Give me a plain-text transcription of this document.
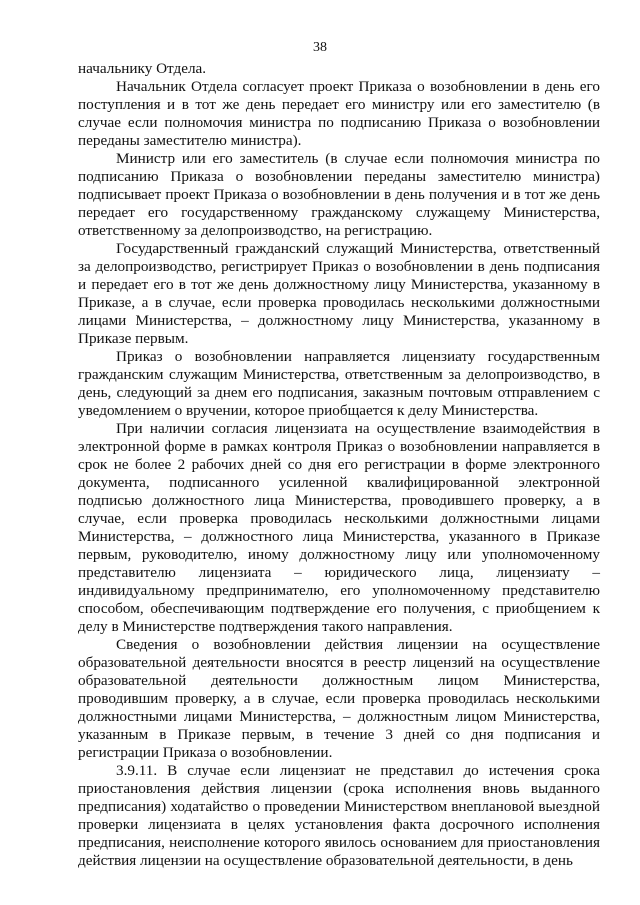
38

начальнику Отдела.

Начальник Отдела согласует проект Приказа о возобновлении в день его поступления и в тот же день передает его министру или его заместителю (в случае если полномочия министра по подписанию Приказа о возобновлении переданы заместителю министра).

Министр или его заместитель (в случае если полномочия министра по подписанию Приказа о возобновлении переданы заместителю министра) подписывает проект Приказа о возобновлении в день получения и в тот же день передает его государственному гражданскому служащему Министерства, ответственному за делопроизводство, на регистрацию.

Государственный гражданский служащий Министерства, ответственный за делопроизводство, регистрирует Приказ о возобновлении в день подписания и передает его в тот же день должностному лицу Министерства, указанному в Приказе, а в случае, если проверка проводилась несколькими должностными лицами Министерства, – должностному лицу Министерства, указанному в Приказе первым.

Приказ о возобновлении направляется лицензиату государственным гражданским служащим Министерства, ответственным за делопроизводство, в день, следующий за днем его подписания, заказным почтовым отправлением с уведомлением о вручении, которое приобщается к делу Министерства.

При наличии согласия лицензиата на осуществление взаимодействия в электронной форме в рамках контроля Приказ о возобновлении направляется в срок не более 2 рабочих дней со дня его регистрации в форме электронного документа, подписанного усиленной квалифицированной электронной подписью должностного лица Министерства, проводившего проверку, а в случае, если проверка проводилась несколькими должностными лицами Министерства, – должностного лица Министерства, указанного в Приказе первым, руководителю, иному должностному лицу или уполномоченному представителю лицензиата – юридического лица, лицензиату – индивидуальному предпринимателю, его уполномоченному представителю способом, обеспечивающим подтверждение его получения, с приобщением к делу в Министерстве подтверждения такого направления.

Сведения о возобновлении действия лицензии на осуществление образовательной деятельности вносятся в реестр лицензий на осуществление образовательной деятельности должностным лицом Министерства, проводившим проверку, а в случае, если проверка проводилась несколькими должностными лицами Министерства, – должностным лицом Министерства, указанным в Приказе первым, в течение 3 дней со дня подписания и регистрации Приказа о возобновлении.

3.9.11. В случае если лицензиат не представил до истечения срока приостановления действия лицензии (срока исполнения вновь выданного предписания) ходатайство о проведении Министерством внеплановой выездной проверки лицензиата в целях установления факта досрочного исполнения предписания, неисполнение которого явилось основанием для приостановления действия лицензии на осуществление образовательной деятельности, в день
